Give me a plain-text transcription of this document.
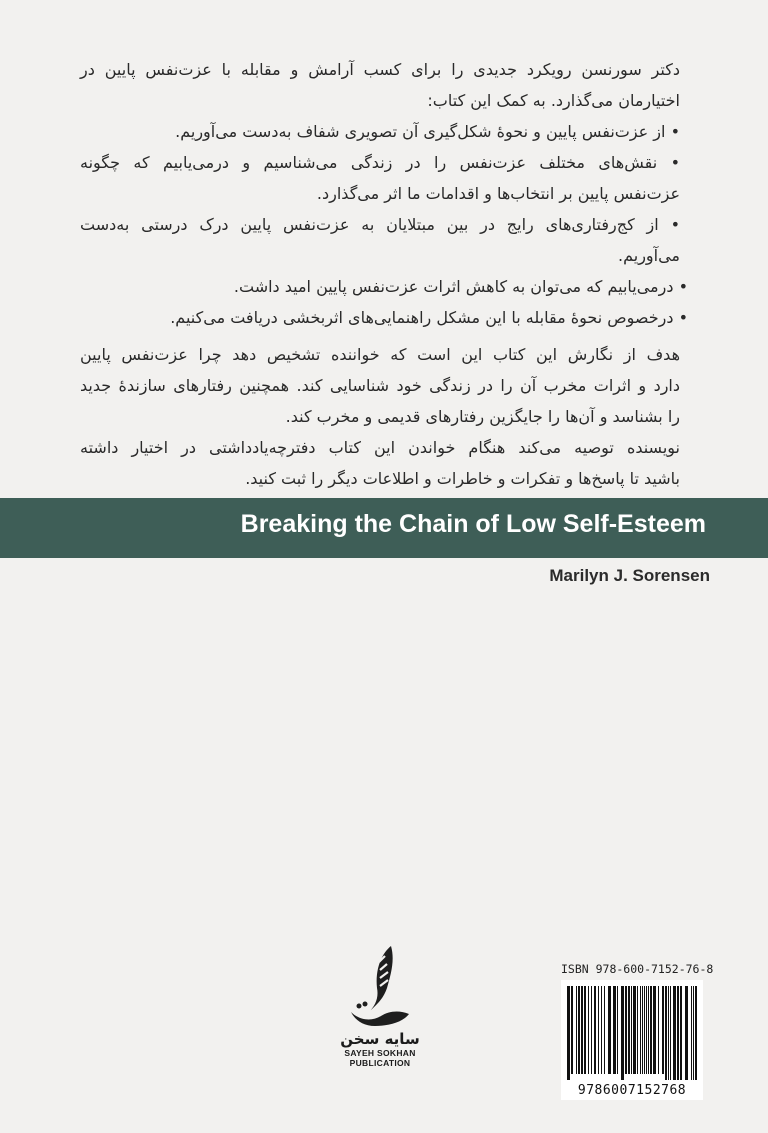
دکتر سورنسن رویکرد جدیدی را برای کسب آرامش و مقابله با عزت‌نفس پایین در
اختیارمان می‌گذارد. به کمک این کتاب:
• از عزت‌نفس پایین و نحوهٔ شکل‌گیری آن تصویری شفاف به‌دست می‌آوریم.
• نقش‌های مختلف عزت‌نفس را در زندگی می‌شناسیم و درمی‌یابیم که چگونه
عزت‌نفس پایین بر انتخاب‌ها و اقدامات ما اثر می‌گذارد.
• از کج‌رفتاری‌های رایج در بین مبتلایان به عزت‌نفس پایین درک درستی به‌دست
می‌آوریم.
• درمی‌یابیم که می‌توان به کاهش اثرات عزت‌نفس پایین امید داشت.
• درخصوص نحوهٔ مقابله با این مشکل راهنمایی‌های اثربخشی دریافت می‌کنیم.
هدف از نگارش این کتاب این است که خواننده تشخیص دهد چرا عزت‌نفس پایین
دارد و اثرات مخرب آن را در زندگی خود شناسایی کند. همچنین رفتارهای سازندهٔ جدید
را بشناسد و آن‌ها را جایگزین رفتارهای قدیمی و مخرب کند.
نویسنده توصیه می‌کند هنگام خواندن این کتاب دفترچه‌یادداشتی در اختیار داشته
باشید تا پاسخ‌ها و تفکرات و خاطرات و اطلاعات دیگر را ثبت کنید.
Breaking the Chain of Low Self-Esteem
Marilyn J. Sorensen
سایه سخن
SAYEH SOKHAN
PUBLICATION
ISBN 978-600-7152-76-8
9786007152768
